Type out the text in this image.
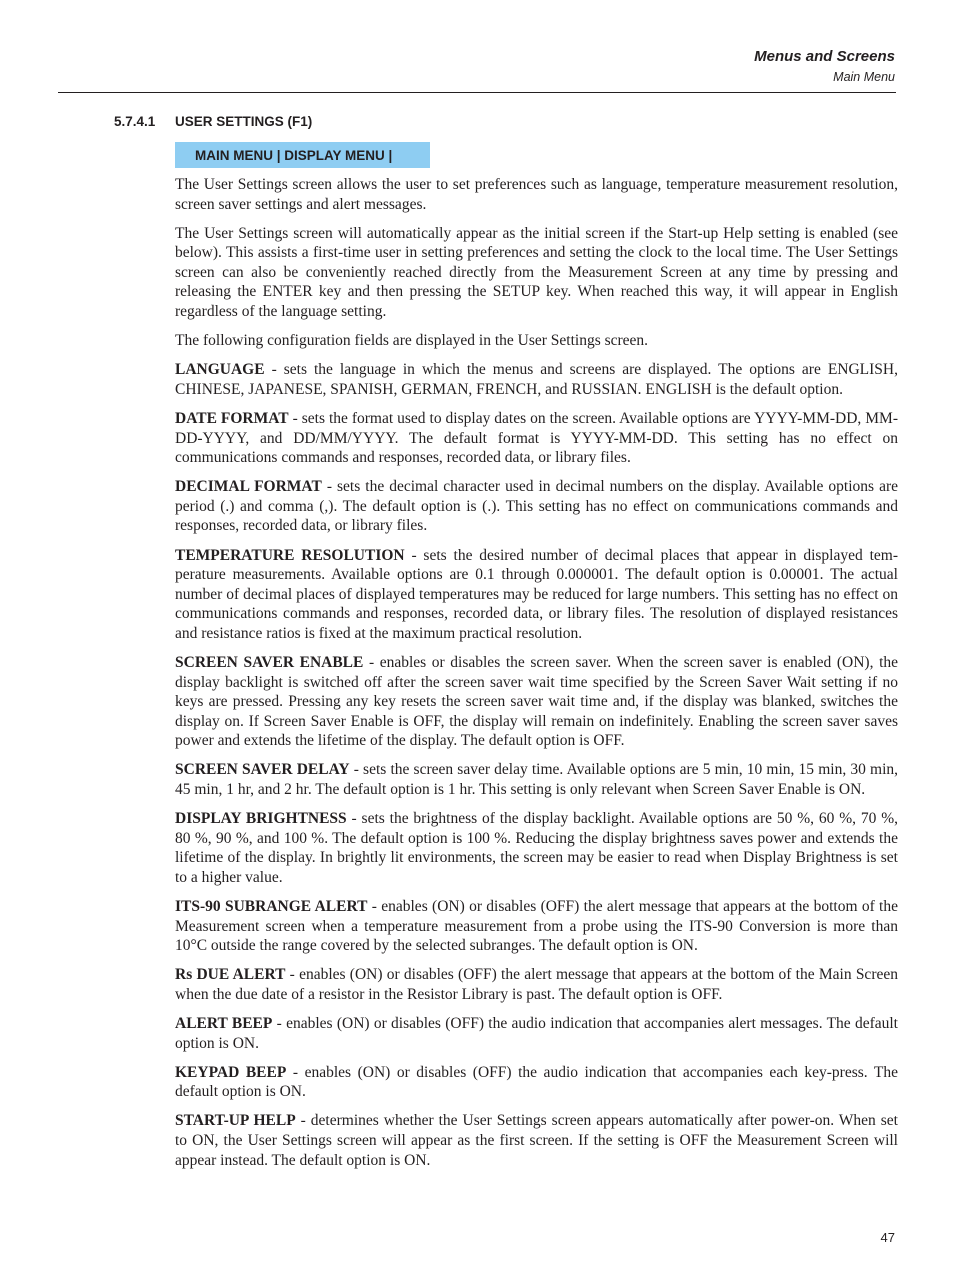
Menus and Screens
Main Menu
5.7.4.1 USER SETTINGS (F1)
MAIN MENU | DISPLAY MENU |

The User Settings screen allows the user to set preferences such as language, temperature measurement resolution, screen saver settings and alert messages.

The User Settings screen will automatically appear as the initial screen if the Start-up Help setting is enabled (see below). This assists a first-time user in setting preferences and setting the clock to the local time. The User Settings screen can also be conveniently reached directly from the Measurement Screen at any time by pressing and releasing the ENTER key and then pressing the SETUP key. When reached this way, it will appear in English regardless of the language setting.

The following configuration fields are displayed in the User Settings screen.

LANGUAGE - sets the language in which the menus and screens are displayed. The options are ENGLISH, CHINESE, JAPANESE, SPANISH, GERMAN, FRENCH, and RUSSIAN. ENGLISH is the default option.

DATE FORMAT - sets the format used to display dates on the screen. Available options are YYYY-MM-DD, MM-DD-YYYY, and DD/MM/YYYY. The default format is YYYY-MM-DD. This setting has no effect on communications commands and responses, recorded data, or library files.

DECIMAL FORMAT - sets the decimal character used in decimal numbers on the display. Available options are period (.) and comma (,). The default option is (.). This setting has no effect on communications commands and responses, recorded data, or library files.

TEMPERATURE RESOLUTION - sets the desired number of decimal places that appear in displayed temperature measurements. Available options are 0.1 through 0.000001. The default option is 0.00001. The actual number of decimal places of displayed temperatures may be reduced for large numbers. This setting has no effect on communications commands and responses, recorded data, or library files. The resolution of displayed resistances and resistance ratios is fixed at the maximum practical resolution.

SCREEN SAVER ENABLE - enables or disables the screen saver. When the screen saver is enabled (ON), the display backlight is switched off after the screen saver wait time specified by the Screen Saver Wait setting if no keys are pressed. Pressing any key resets the screen saver wait time and, if the display was blanked, switches the display on. If Screen Saver Enable is OFF, the display will remain on indefinitely. Enabling the screen saver saves power and extends the lifetime of the display. The default option is OFF.

SCREEN SAVER DELAY - sets the screen saver delay time. Available options are 5 min, 10 min, 15 min, 30 min, 45 min, 1 hr, and 2 hr. The default option is 1 hr. This setting is only relevant when Screen Saver Enable is ON.

DISPLAY BRIGHTNESS - sets the brightness of the display backlight. Available options are 50 %, 60 %, 70 %, 80 %, 90 %, and 100 %. The default option is 100 %. Reducing the display brightness saves power and extends the lifetime of the display. In brightly lit environments, the screen may be easier to read when Display Brightness is set to a higher value.

ITS-90 SUBRANGE ALERT - enables (ON) or disables (OFF) the alert message that appears at the bottom of the Measurement screen when a temperature measurement from a probe using the ITS-90 Conversion is more than 10°C outside the range covered by the selected subranges. The default option is ON.

Rs DUE ALERT - enables (ON) or disables (OFF) the alert message that appears at the bottom of the Main Screen when the due date of a resistor in the Resistor Library is past. The default option is OFF.

ALERT BEEP - enables (ON) or disables (OFF) the audio indication that accompanies alert messages. The default option is ON.

KEYPAD BEEP - enables (ON) or disables (OFF) the audio indication that accompanies each key-press. The default option is ON.

START-UP HELP - determines whether the User Settings screen appears automatically after power-on. When set to ON, the User Settings screen will appear as the first screen. If the setting is OFF the Measurement Screen will appear instead. The default option is ON.

47
